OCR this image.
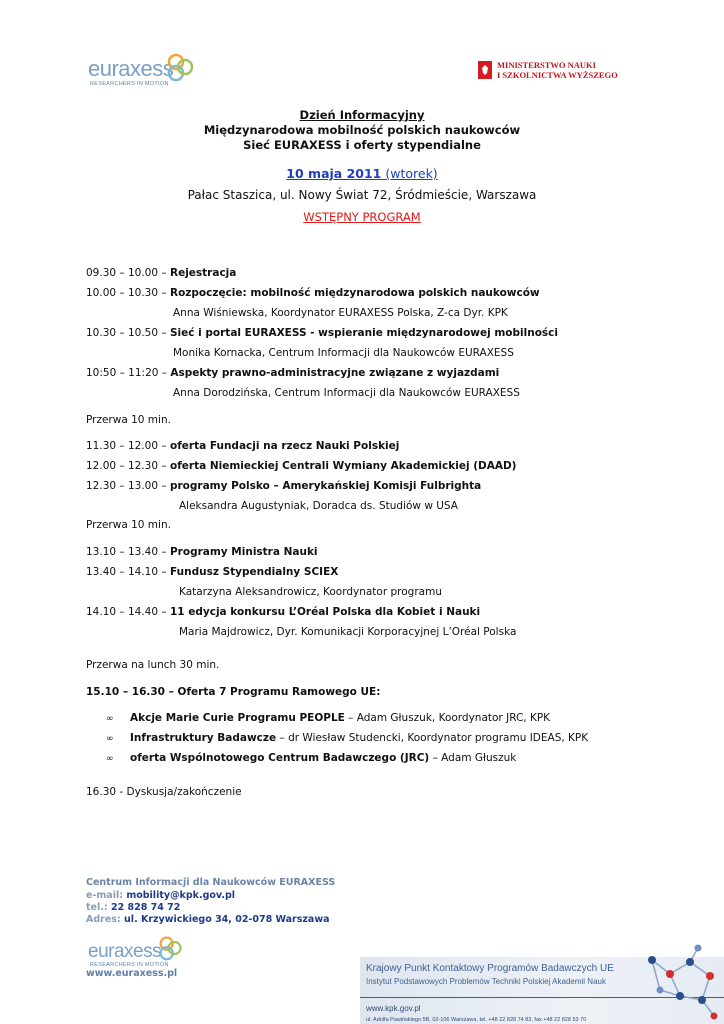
euraxess
RESEARCHERS IN MOTION
MINISTERSTWO NAUKI
I SZKOLNICTWA WYŻSZEGO
Dzień Informacyjny
Międzynarodowa mobilność polskich naukowców
Sieć EURAXESS i oferty stypendialne
10 maja 2011 (wtorek)
Pałac Staszica, ul. Nowy Świat 72, Śródmieście, Warszawa
WSTĘPNY PROGRAM
09.30 – 10.00 – Rejestracja
10.00 – 10.30 – Rozpoczęcie: mobilność międzynarodowa polskich naukowców
Anna Wiśniewska, Koordynator EURAXESS Polska, Z-ca Dyr. KPK
10.30 – 10.50 – Sieć i portal EURAXESS - wspieranie międzynarodowej mobilności
Monika Kornacka, Centrum Informacji dla Naukowców EURAXESS
10:50 – 11:20 – Aspekty prawno-administracyjne związane z wyjazdami
Anna Dorodzińska, Centrum Informacji dla Naukowców EURAXESS
Przerwa 10 min.
11.30 – 12.00 – oferta Fundacji na rzecz Nauki Polskiej
12.00 – 12.30 – oferta Niemieckiej Centrali Wymiany Akademickiej (DAAD)
12.30 – 13.00 – programy Polsko – Amerykańskiej Komisji Fulbrighta
Aleksandra Augustyniak, Doradca ds. Studiów w USA
Przerwa 10 min.
13.10 – 13.40 – Programy Ministra Nauki
13.40 – 14.10 – Fundusz Stypendialny SCIEX
Katarzyna Aleksandrowicz, Koordynator programu
14.10 – 14.40 – 11 edycja konkursu L’Oréal Polska dla Kobiet i Nauki
Maria Majdrowicz, Dyr. Komunikacji Korporacyjnej L’Oréal Polska
Przerwa na lunch 30 min.
15.10 – 16.30 – Oferta 7 Programu Ramowego UE:
∞ Akcje Marie Curie Programu PEOPLE – Adam Głuszuk, Koordynator JRC, KPK
∞ Infrastruktury Badawcze – dr Wiesław Studencki, Koordynator programu IDEAS, KPK
∞ oferta Wspólnotowego Centrum Badawczego (JRC) – Adam Głuszuk
16.30 - Dyskusja/zakończenie
Centrum Informacji dla Naukowców EURAXESS
e-mail: mobility@kpk.gov.pl
tel.: 22 828 74 72
Adres: ul. Krzywickiego 34, 02-078 Warszawa
euraxess
RESEARCHERS IN MOTION
www.euraxess.pl	Krajowy Punkt Kontaktowy Programów Badawczych UE
Instytut Podstawowych Problemów Techniki Polskiej Akademii Nauk
www.kpk.gov.pl
ul. Adolfa Pawińskiego 5B, 02-106 Warszawa, tel. +48 22 828 74 83, fax +48 22 828 53 70
